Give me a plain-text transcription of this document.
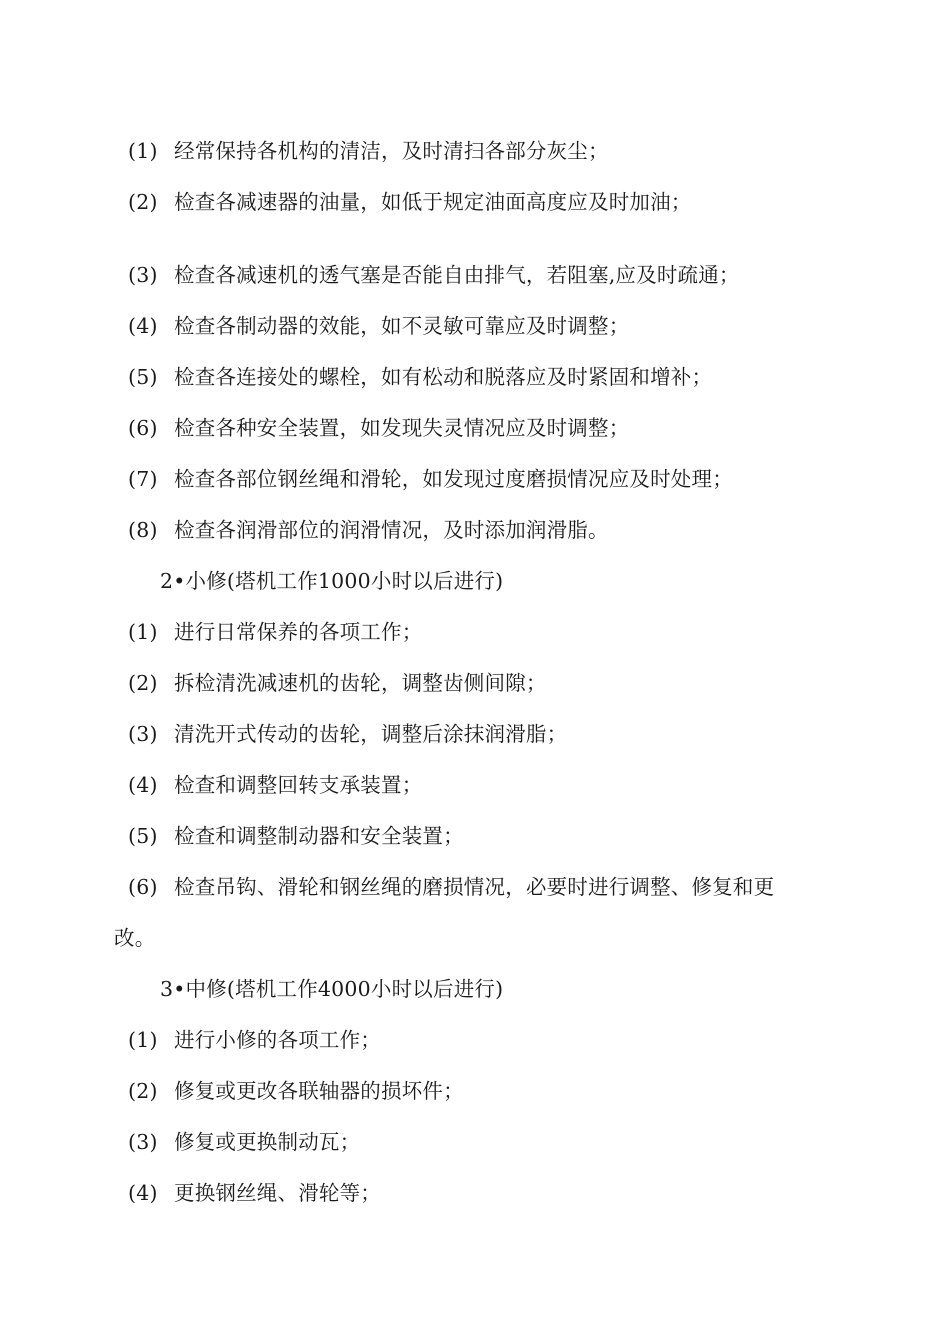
(1) 经常保持各机构的清洁，及时清扫各部分灰尘；
(2) 检查各减速器的油量，如低于规定油面高度应及时加油；
(3) 检查各减速机的透气塞是否能自由排气，若阻塞,应及时疏通；
(4) 检查各制动器的效能，如不灵敏可靠应及时调整；
(5) 检查各连接处的螺栓，如有松动和脱落应及时紧固和增补；
(6) 检查各种安全装置，如发现失灵情况应及时调整；
(7) 检查各部位钢丝绳和滑轮，如发现过度磨损情况应及时处理；
(8) 检查各润滑部位的润滑情况，及时添加润滑脂。
2•小修(塔机工作1000小时以后进行)
(1) 进行日常保养的各项工作；
(2) 拆检清洗减速机的齿轮，调整齿侧间隙；
(3) 清洗开式传动的齿轮，调整后涂抹润滑脂；
(4) 检查和调整回转支承装置；
(5) 检查和调整制动器和安全装置；
(6) 检查吊钩、滑轮和钢丝绳的磨损情况，必要时进行调整、修复和更
改。
3•中修(塔机工作4000小时以后进行)
(1) 进行小修的各项工作；
(2) 修复或更改各联轴器的损坏件；
(3) 修复或更换制动瓦；
(4) 更换钢丝绳、滑轮等；
